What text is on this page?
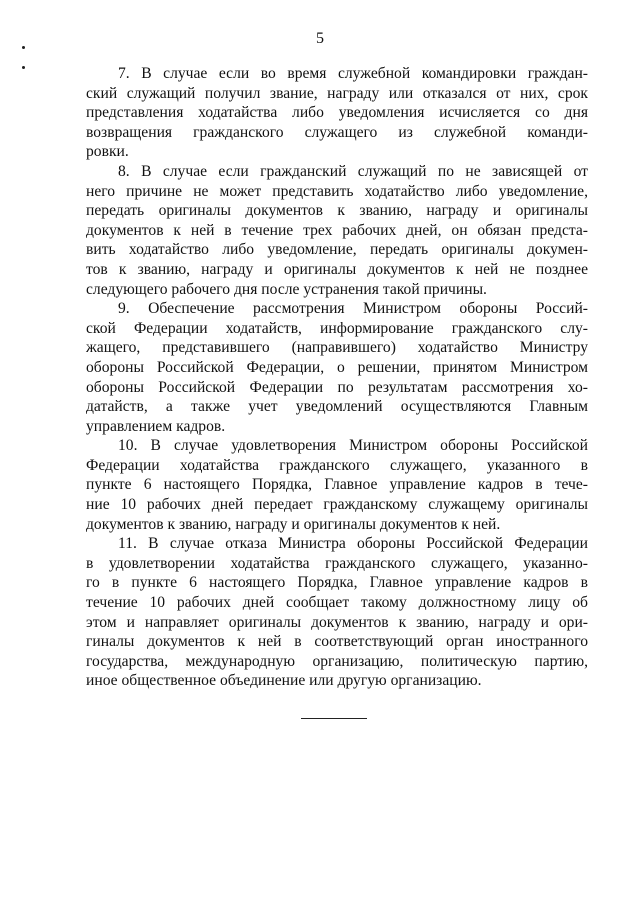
5
7. В случае если во время служебной командировки граждан-
ский служащий получил звание, награду или отказался от них, срок
представления ходатайства либо уведомления исчисляется со дня
возвращения гражданского служащего из служебной команди-
ровки.
8. В случае если гражданский служащий по не зависящей от
него причине не может представить ходатайство либо уведомление,
передать оригиналы документов к званию, награду и оригиналы
документов к ней в течение трех рабочих дней, он обязан предста-
вить ходатайство либо уведомление, передать оригиналы докумен-
тов к званию, награду и оригиналы документов к ней не позднее
следующего рабочего дня после устранения такой причины.
9. Обеспечение рассмотрения Министром обороны Россий-
ской Федерации ходатайств, информирование гражданского слу-
жащего, представившего (направившего) ходатайство Министру
обороны Российской Федерации, о решении, принятом Министром
обороны Российской Федерации по результатам рассмотрения хо-
датайств, а также учет уведомлений осуществляются Главным
управлением кадров.
10. В случае удовлетворения Министром обороны Российской
Федерации ходатайства гражданского служащего, указанного в
пункте 6 настоящего Порядка, Главное управление кадров в тече-
ние 10 рабочих дней передает гражданскому служащему оригиналы
документов к званию, награду и оригиналы документов к ней.
11. В случае отказа Министра обороны Российской Федерации
в удовлетворении ходатайства гражданского служащего, указанно-
го в пункте 6 настоящего Порядка, Главное управление кадров в
течение 10 рабочих дней сообщает такому должностному лицу об
этом и направляет оригиналы документов к званию, награду и ори-
гиналы документов к ней в соответствующий орган иностранного
государства, международную организацию, политическую партию,
иное общественное объединение или другую организацию.
